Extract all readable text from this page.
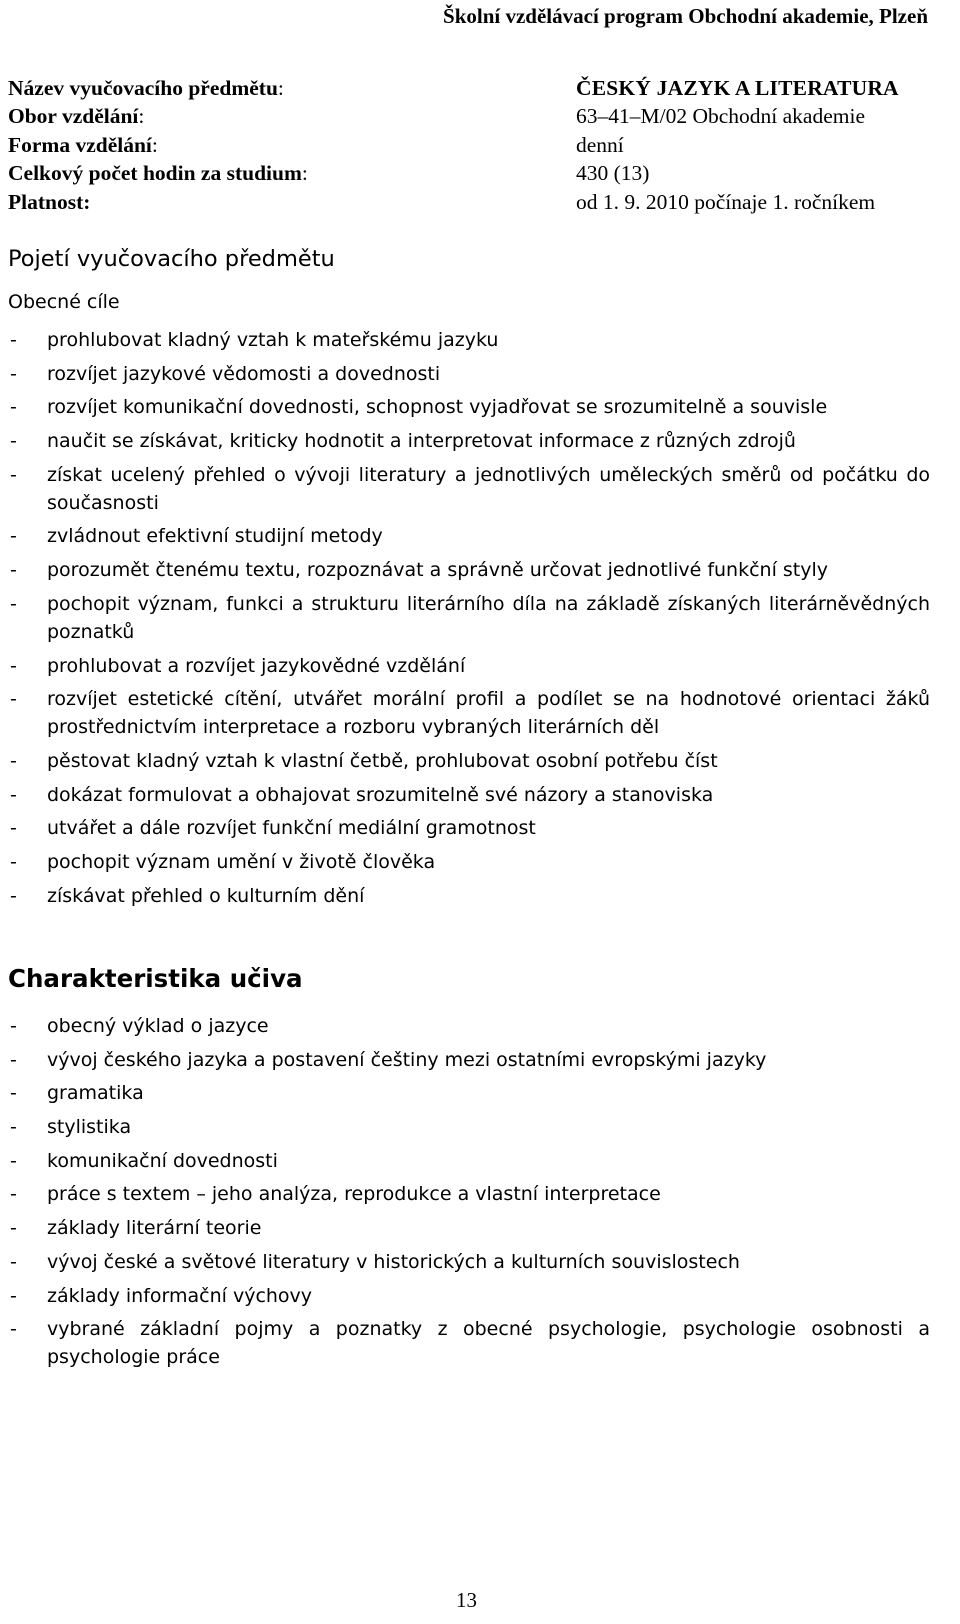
Školní vzdělávací program Obchodní akademie, Plzeň
Název vyučovacího předmětu:	ČESKÝ JAZYK A LITERATURA
Obor vzdělání:	63–41–M/02 Obchodní akademie
Forma vzdělání:	denní
Celkový počet hodin za studium:	430 (13)
Platnost:	od 1. 9. 2010 počínaje 1. ročníkem
Pojetí vyučovacího předmětu
Obecné cíle
-	prohlubovat kladný vztah k mateřskému jazyku
-	rozvíjet jazykové vědomosti a dovednosti
-	rozvíjet komunikační dovednosti, schopnost vyjadřovat se srozumitelně a souvisle
-	naučit se získávat, kriticky hodnotit a interpretovat informace z různých zdrojů
-	získat ucelený přehled o vývoji literatury a jednotlivých uměleckých směrů od počátku do současnosti
-	zvládnout efektivní studijní metody
-	porozumět čtenému textu, rozpoznávat a správně určovat jednotlivé funkční styly
-	pochopit význam, funkci a strukturu literárního díla na základě získaných literárněvědných poznatků
-	prohlubovat a rozvíjet jazykovědné vzdělání
-	rozvíjet estetické cítění, utvářet morální profil a podílet se na hodnotové orientaci žáků prostřednictvím interpretace a rozboru vybraných literárních děl
-	pěstovat kladný vztah k vlastní četbě, prohlubovat osobní potřebu číst
-	dokázat formulovat a obhajovat srozumitelně své názory a stanoviska
-	utvářet a dále rozvíjet funkční mediální gramotnost
-	pochopit význam umění v životě člověka
-	získávat přehled o kulturním dění
Charakteristika učiva
-	obecný výklad o jazyce
-	vývoj českého jazyka a postavení češtiny mezi ostatními evropskými jazyky
-	gramatika
-	stylistika
-	komunikační dovednosti
-	práce s textem – jeho analýza, reprodukce a vlastní interpretace
-	základy literární teorie
-	vývoj české a světové literatury v historických a kulturních souvislostech
-	základy informační výchovy
-	vybrané základní pojmy a poznatky z obecné psychologie, psychologie osobnosti a psychologie práce
13
